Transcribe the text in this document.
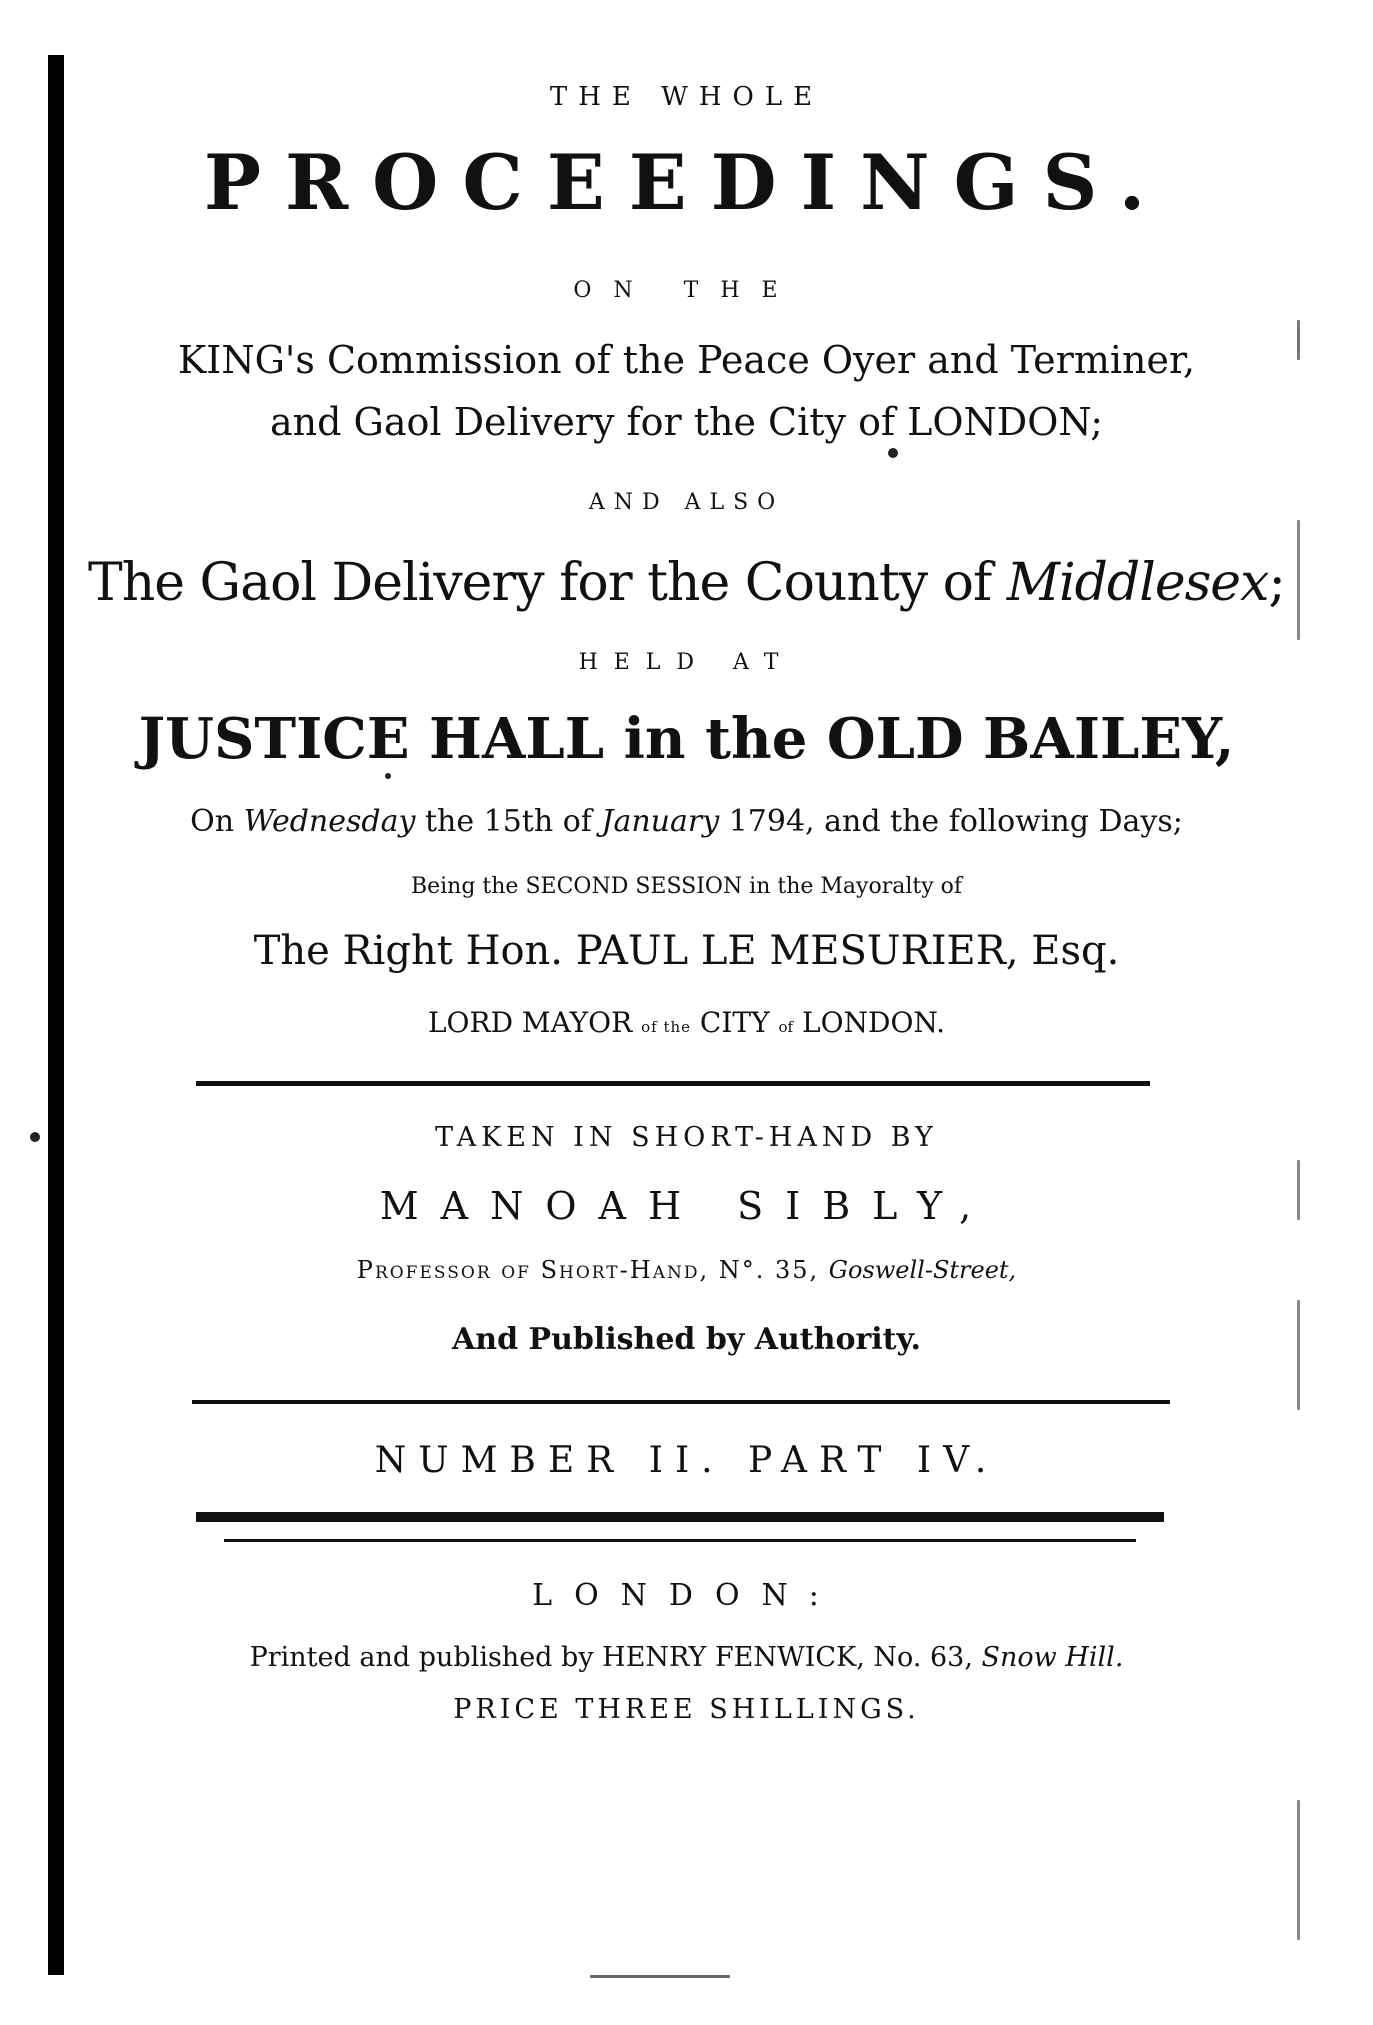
THE WHOLE
PROCEEDINGS.
ON THE
KING's Commission of the Peace Oyer and Terminer,
and Gaol Delivery for the City of LONDON;
AND ALSO
The Gaol Delivery for the County of Middlesex;
HELD AT
JUSTICE HALL in the OLD BAILEY,
On Wednesday the 15th of January 1794, and the following Days;
Being the SECOND SESSION in the Mayoralty of
The Right Hon. PAUL LE MESURIER, Esq.
LORD MAYOR of the CITY of LONDON.
TAKEN IN SHORT-HAND BY
MANOAH SIBLY,
Professor of Short-Hand, N°. 35, Goswell-Street,
And Published by Authority.
NUMBER II. PART IV.
LONDON:
Printed and published by HENRY FENWICK, No. 63, Snow Hill.
PRICE THREE SHILLINGS.
